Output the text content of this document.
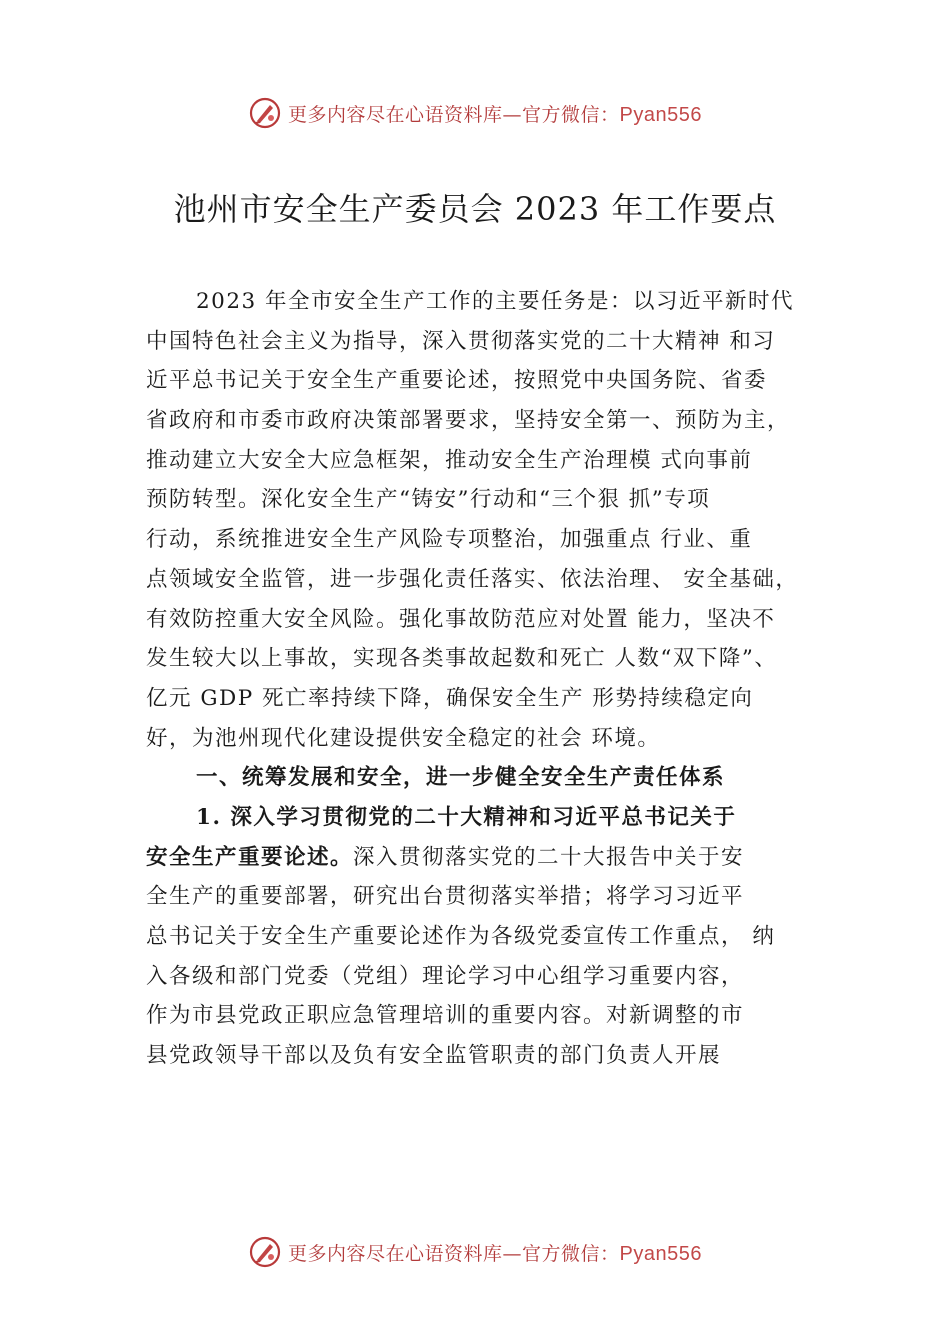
更多内容尽在心语资料库—官方微信：Pyan556
池州市安全生产委员会 2023 年工作要点
2023 年全市安全生产工作的主要任务是：以习近平新时代
中国特色社会主义为指导，深入贯彻落实党的二十大精神 和习
近平总书记关于安全生产重要论述，按照党中央国务院、省委
省政府和市委市政府决策部署要求，坚持安全第一、预防为主，
推动建立大安全大应急框架，推动安全生产治理模 式向事前
预防转型。深化安全生产“铸安”行动和“三个狠 抓”专项
行动，系统推进安全生产风险专项整治，加强重点 行业、重
点领域安全监管，进一步强化责任落实、依法治理、 安全基础，
有效防控重大安全风险。强化事故防范应对处置 能力，坚决不
发生较大以上事故，实现各类事故起数和死亡 人数“双下降”、
亿元 GDP 死亡率持续下降，确保安全生产 形势持续稳定向
好，为池州现代化建设提供安全稳定的社会 环境。
一、统筹发展和安全，进一步健全安全生产责任体系
1. 深入学习贯彻党的二十大精神和习近平总书记关于
安全生产重要论述。深入贯彻落实党的二十大报告中关于安
全生产的重要部署，研究出台贯彻落实举措；将学习习近平
总书记关于安全生产重要论述作为各级党委宣传工作重点， 纳
入各级和部门党委（党组）理论学习中心组学习重要内容，
作为市县党政正职应急管理培训的重要内容。对新调整的市
县党政领导干部以及负有安全监管职责的部门负责人开展
更多内容尽在心语资料库—官方微信：Pyan556
